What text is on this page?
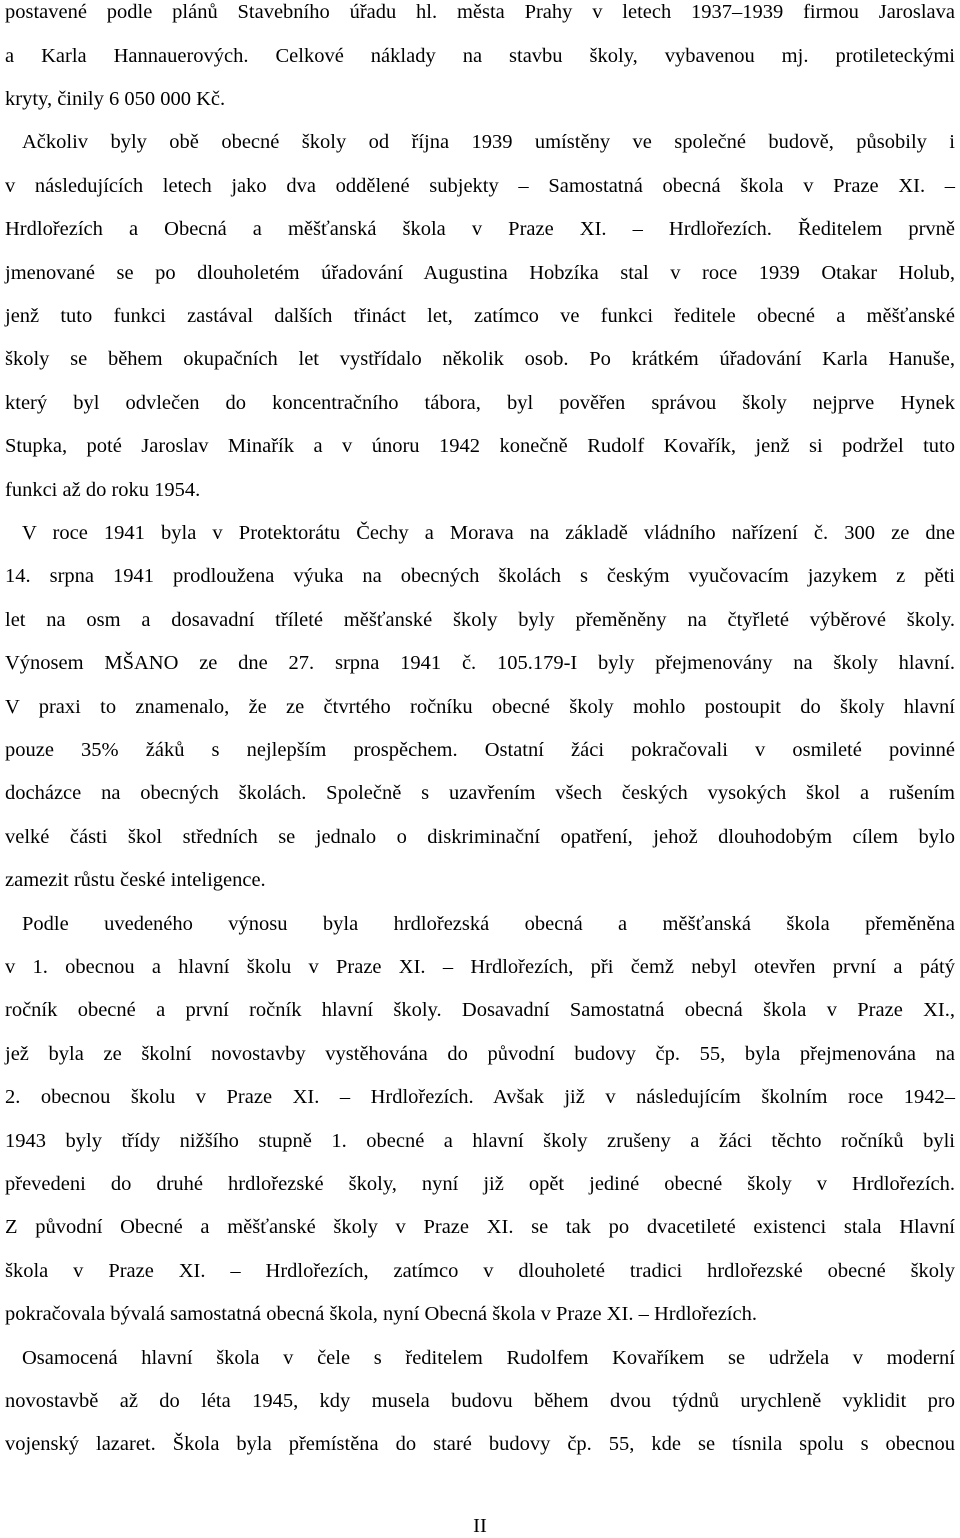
postavené podle plánů Stavebního úřadu hl. města Prahy v letech 1937–1939 firmou Jaroslava
a Karla Hannauerových. Celkové náklady na stavbu školy, vybavenou mj. protileteckými
kryty, činily 6 050 000 Kč.
Ačkoliv byly obě obecné školy od října 1939 umístěny ve společné budově, působily i
v následujících letech jako dva oddělené subjekty – Samostatná obecná škola v Praze XI. –
Hrdlořezích a Obecná a měšťanská škola v Praze XI. – Hrdlořezích. Ředitelem prvně
jmenované se po dlouholetém úřadování Augustina Hobzíka stal v roce 1939 Otakar Holub,
jenž tuto funkci zastával dalších třináct let, zatímco ve funkci ředitele obecné a měšťanské
školy se během okupačních let vystřídalo několik osob. Po krátkém úřadování Karla Hanuše,
který byl odvlečen do koncentračního tábora, byl pověřen správou školy nejprve Hynek
Stupka, poté Jaroslav Minařík a v únoru 1942 konečně Rudolf Kovařík, jenž si podržel tuto
funkci až do roku 1954.
V roce 1941 byla v Protektorátu Čechy a Morava na základě vládního nařízení č. 300 ze dne
14. srpna 1941 prodloužena výuka na obecných školách s českým vyučovacím jazykem z pěti
let na osm a dosavadní tříleté měšťanské školy byly přeměněny na čtyřleté výběrové školy.
Výnosem MŠANO ze dne 27. srpna 1941 č. 105.179-I byly přejmenovány na školy hlavní.
V praxi to znamenalo, že ze čtvrtého ročníku obecné školy mohlo postoupit do školy hlavní
pouze 35% žáků s nejlepším prospěchem. Ostatní žáci pokračovali v osmileté povinné
docházce na obecných školách. Společně s uzavřením všech českých vysokých škol a rušením
velké části škol středních se jednalo o diskriminační opatření, jehož dlouhodobým cílem bylo
zamezit růstu české inteligence.
Podle uvedeného výnosu byla hrdlořezská obecná a měšťanská škola přeměněna
v 1. obecnou a hlavní školu v Praze XI. – Hrdlořezích, při čemž nebyl otevřen první a pátý
ročník obecné a první ročník hlavní školy. Dosavadní Samostatná obecná škola v Praze XI.,
jež byla ze školní novostavby vystěhována do původní budovy čp. 55, byla přejmenována na
2. obecnou školu v Praze XI. – Hrdlořezích. Avšak již v následujícím školním roce 1942–
1943 byly třídy nižšího stupně 1. obecné a hlavní školy zrušeny a žáci těchto ročníků byli
převedeni do druhé hrdlořezské školy, nyní již opět jediné obecné školy v Hrdlořezích.
Z původní Obecné a měšťanské školy v Praze XI. se tak po dvacetileté existenci stala Hlavní
škola v Praze XI. – Hrdlořezích, zatímco v dlouholeté tradici hrdlořezské obecné školy
pokračovala bývalá samostatná obecná škola, nyní Obecná škola v Praze XI. – Hrdlořezích.
Osamocená hlavní škola v čele s ředitelem Rudolfem Kovaříkem se udržela v moderní
novostavbě až do léta 1945, kdy musela budovu během dvou týdnů urychleně vyklidit pro
vojenský lazaret. Škola byla přemístěna do staré budovy čp. 55, kde se tísnila spolu s obecnou
II
